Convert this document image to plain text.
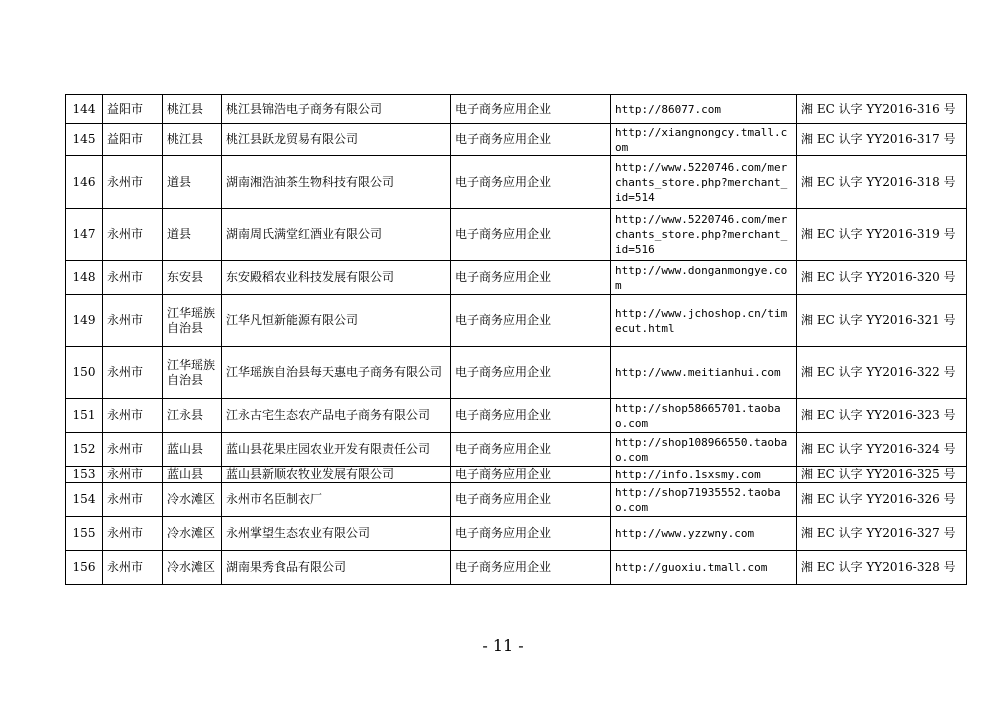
144	益阳市	桃江县	桃江县锦浩电子商务有限公司	电子商务应用企业	http://86077.com	湘 EC 认字 YY2016-316 号
145	益阳市	桃江县	桃江县跃龙贸易有限公司	电子商务应用企业	http://xiangnongcy.tmall.com	湘 EC 认字 YY2016-317 号
146	永州市	道县	湖南湘浩油茶生物科技有限公司	电子商务应用企业	http://www.5220746.com/merchants_store.php?merchant_id=514	湘 EC 认字 YY2016-318 号
147	永州市	道县	湖南周氏满堂红酒业有限公司	电子商务应用企业	http://www.5220746.com/merchants_store.php?merchant_id=516	湘 EC 认字 YY2016-319 号
148	永州市	东安县	东安殿稻农业科技发展有限公司	电子商务应用企业	http://www.donganmongye.com	湘 EC 认字 YY2016-320 号
149	永州市	江华瑶族自治县	江华凡恒新能源有限公司	电子商务应用企业	http://www.jchoshop.cn/timecut.html	湘 EC 认字 YY2016-321 号
150	永州市	江华瑶族自治县	江华瑶族自治县每天惠电子商务有限公司	电子商务应用企业	http://www.meitianhui.com	湘 EC 认字 YY2016-322 号
151	永州市	江永县	江永古宅生态农产品电子商务有限公司	电子商务应用企业	http://shop58665701.taobao.com	湘 EC 认字 YY2016-323 号
152	永州市	蓝山县	蓝山县花果庄园农业开发有限责任公司	电子商务应用企业	http://shop108966550.taobao.com	湘 EC 认字 YY2016-324 号
153	永州市	蓝山县	蓝山县新顺农牧业发展有限公司	电子商务应用企业	http://info.1sxsmy.com	湘 EC 认字 YY2016-325 号
154	永州市	冷水滩区	永州市名臣制衣厂	电子商务应用企业	http://shop71935552.taobao.com	湘 EC 认字 YY2016-326 号
155	永州市	冷水滩区	永州掌望生态农业有限公司	电子商务应用企业	http://www.yzzwny.com	湘 EC 认字 YY2016-327 号
156	永州市	冷水滩区	湖南果秀食品有限公司	电子商务应用企业	http://guoxiu.tmall.com	湘 EC 认字 YY2016-328 号
- 11 -
